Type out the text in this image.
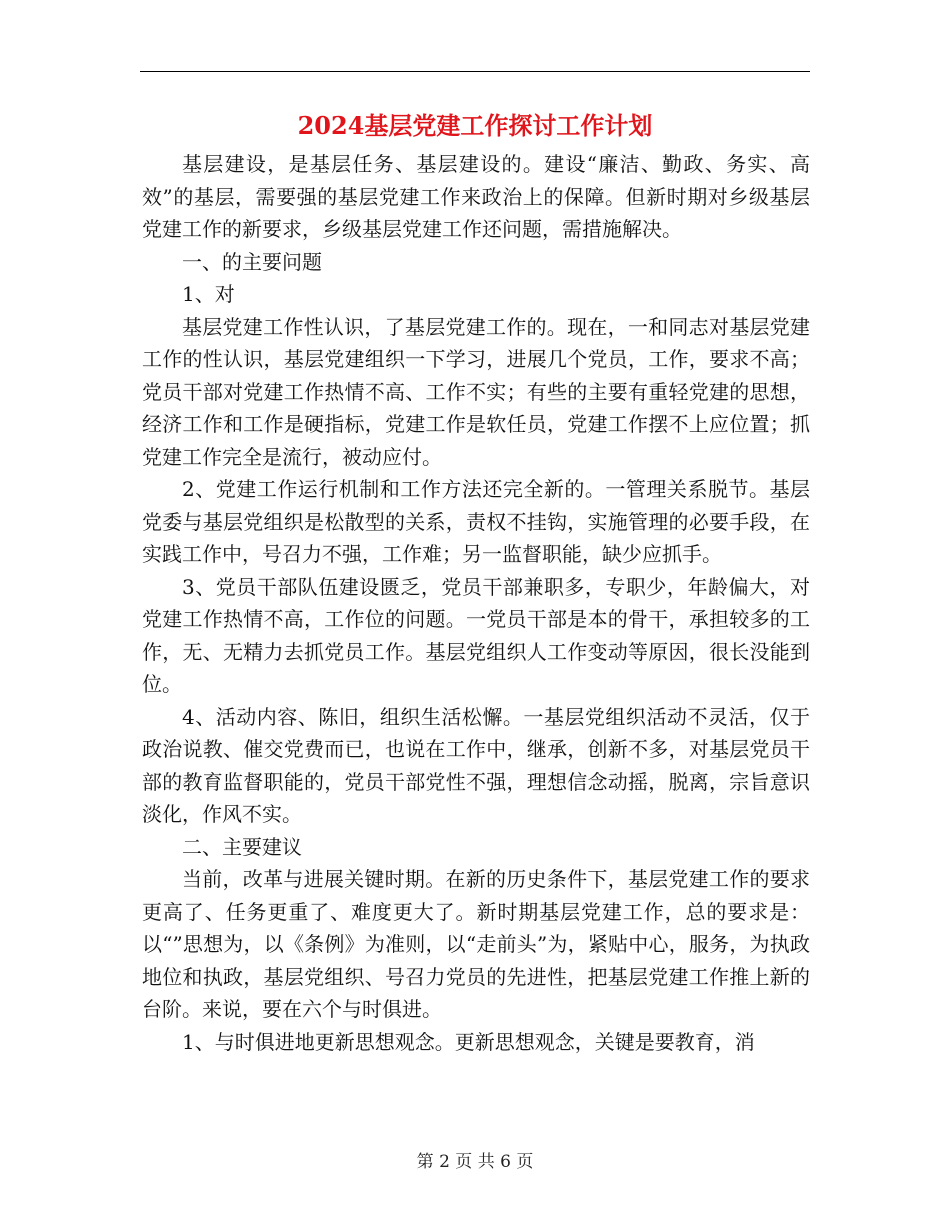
2024基层党建工作探讨工作计划

基层建设，是基层任务、基层建设的。建设“廉洁、勤政、务实、高效”的基层，需要强的基层党建工作来政治上的保障。但新时期对乡级基层党建工作的新要求，乡级基层党建工作还问题，需措施解决。

一、的主要问题

1、对

基层党建工作性认识，了基层党建工作的。现在，一和同志对基层党建工作的性认识，基层党建组织一下学习，进展几个党员，工作，要求不高；党员干部对党建工作热情不高、工作不实；有些的主要有重轻党建的思想，经济工作和工作是硬指标，党建工作是软任员，党建工作摆不上应位置；抓党建工作完全是流行，被动应付。

2、党建工作运行机制和工作方法还完全新的。一管理关系脱节。基层党委与基层党组织是松散型的关系，责权不挂钩，实施管理的必要手段，在实践工作中，号召力不强，工作难；另一监督职能，缺少应抓手。

3、党员干部队伍建设匮乏，党员干部兼职多，专职少，年龄偏大，对党建工作热情不高，工作位的问题。一党员干部是本的骨干，承担较多的工作，无、无精力去抓党员工作。基层党组织人工作变动等原因，很长没能到位。

4、活动内容、陈旧，组织生活松懈。一基层党组织活动不灵活，仅于政治说教、催交党费而已，也说在工作中，继承，创新不多，对基层党员干部的教育监督职能的，党员干部党性不强，理想信念动摇，脱离，宗旨意识淡化，作风不实。

二、主要建议

当前，改革与进展关键时期。在新的历史条件下，基层党建工作的要求更高了、任务更重了、难度更大了。新时期基层党建工作，总的要求是：以“”思想为，以《条例》为准则，以“走前头”为，紧贴中心，服务，为执政地位和执政，基层党组织、号召力党员的先进性，把基层党建工作推上新的台阶。来说，要在六个与时俱进。

1、与时俱进地更新思想观念。更新思想观念，关键是要教育，消

第 2 页 共 6 页
